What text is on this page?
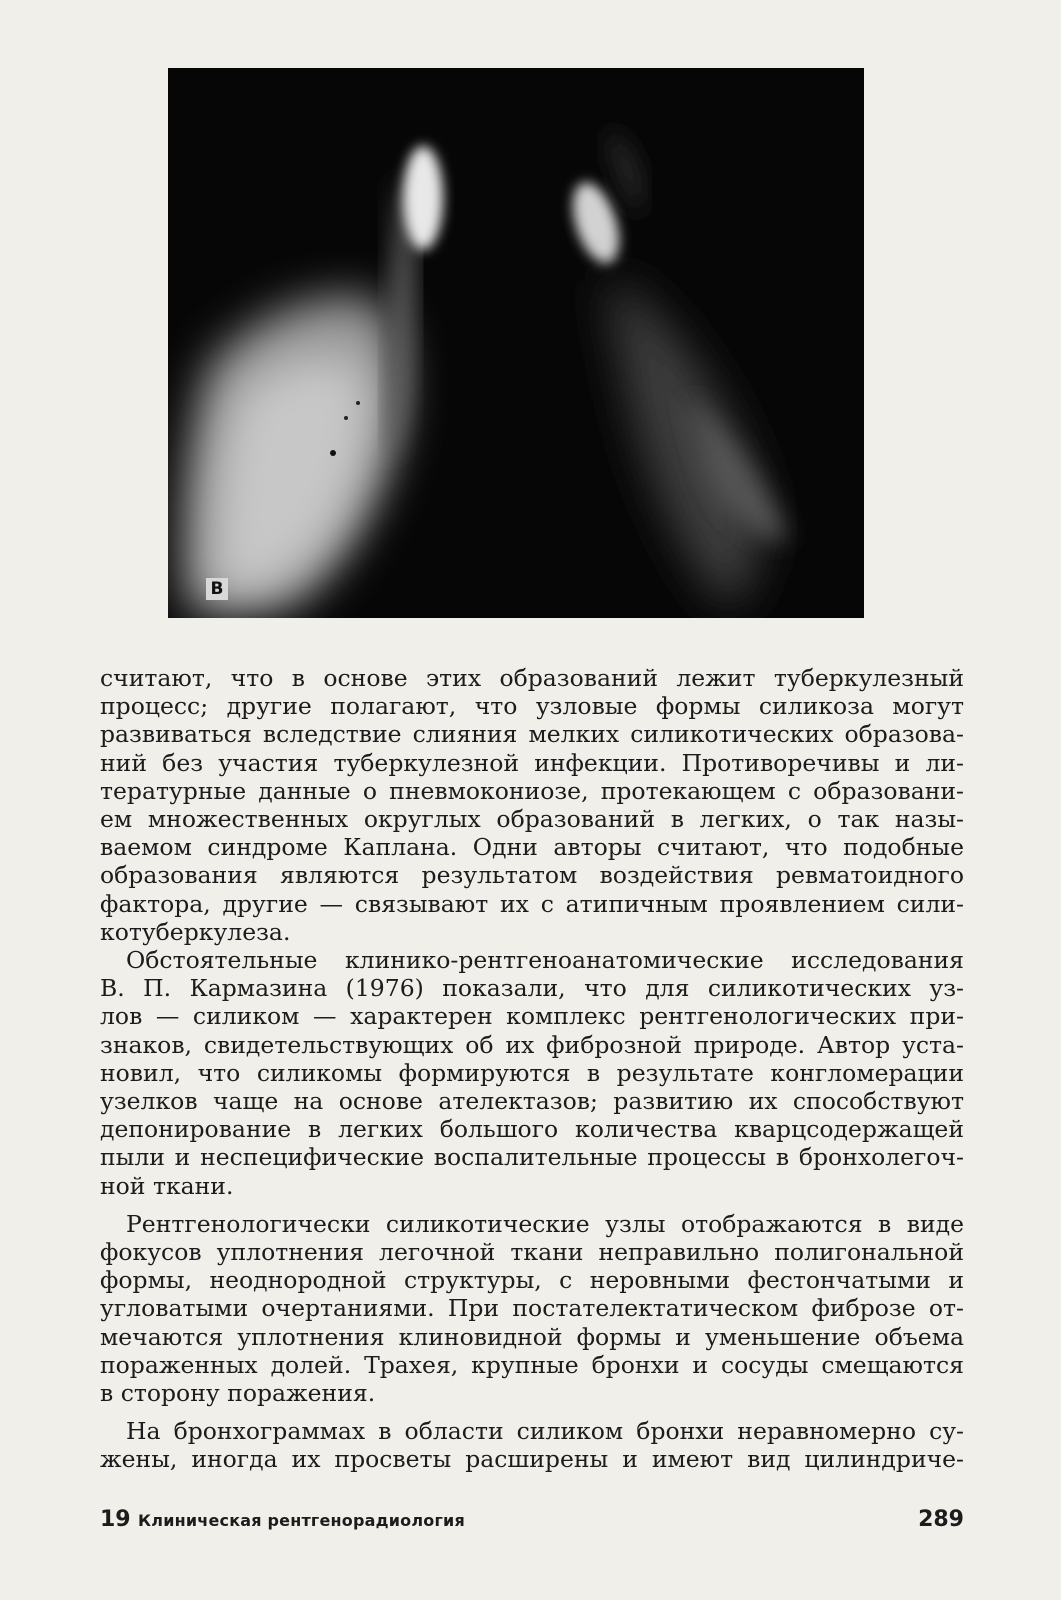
В
считают, что в основе этих образований лежит туберкулезный
процесс; другие полагают, что узловые формы силикоза могут
развиваться вследствие слияния мелких силикотических образова-
ний без участия туберкулезной инфекции. Противоречивы и ли-
тературные данные о пневмокониозе, протекающем с образовани-
ем множественных округлых образований в легких, о так назы-
ваемом синдроме Каплана. Одни авторы считают, что подобные
образования являются результатом воздействия ревматоидного
фактора, другие — связывают их с атипичным проявлением сили-
котуберкулеза.
Обстоятельные клинико-рентгеноанатомические исследования
В. П. Кармазина (1976) показали, что для силикотических уз-
лов — силиком — характерен комплекс рентгенологических при-
знаков, свидетельствующих об их фиброзной природе. Автор уста-
новил, что силикомы формируются в результате конгломерации
узелков чаще на основе ателектазов; развитию их способствуют
депонирование в легких большого количества кварцсодержащей
пыли и неспецифические воспалительные процессы в бронхолегоч-
ной ткани.
Рентгенологически силикотические узлы отображаются в виде
фокусов уплотнения легочной ткани неправильно полигональной
формы, неоднородной структуры, с неровными фестончатыми и
угловатыми очертаниями. При постателектатическом фиброзе от-
мечаются уплотнения клиновидной формы и уменьшение объема
пораженных долей. Трахея, крупные бронхи и сосуды смещаются
в сторону поражения.
На бронхограммах в области силиком бронхи неравномерно су-
жены, иногда их просветы расширены и имеют вид цилиндриче-
19 Клиническая рентгенорадиология	289
